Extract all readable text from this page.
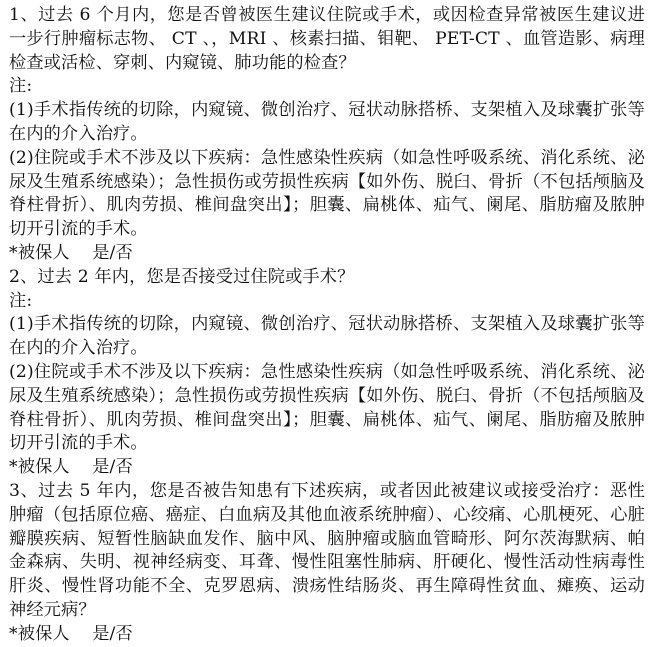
1、过去 6 个月内，您是否曾被医生建议住院或手术，或因检查异常被医生建议进一步行肿瘤标志物、 CT 、，MRI 、核素扫描、钼靶、 PET-CT 、血管造影、病理检查或活检、穿刺、内窥镜、肺功能的检查？

注:

(1)手术指传统的切除，内窥镜、微创治疗、冠状动脉搭桥、支架植入及球囊扩张等在内的介入治疗。

(2)住院或手术不涉及以下疾病：急性感染性疾病（如急性呼吸系统、消化系统、泌尿及生殖系统感染）；急性损伤或劳损性疾病【如外伤、脱臼、骨折（不包括颅脑及脊柱骨折）、肌肉劳损、椎间盘突出】；胆囊、扁桃体、疝气、阑尾、脂肪瘤及脓肿切开引流的手术。

*被保人    是/否

2、过去 2 年内，您是否接受过住院或手术？

注:

(1)手术指传统的切除，内窥镜、微创治疗、冠状动脉搭桥、支架植入及球囊扩张等在内的介入治疗。

(2)住院或手术不涉及以下疾病：急性感染性疾病（如急性呼吸系统、消化系统、泌尿及生殖系统感染）；急性损伤或劳损性疾病【如外伤、脱臼、骨折（不包括颅脑及脊柱骨折）、肌肉劳损、椎间盘突出】；胆囊、扁桃体、疝气、阑尾、脂肪瘤及脓肿切开引流的手术。

*被保人    是/否

3、过去 5 年内，您是否被告知患有下述疾病，或者因此被建议或接受治疗：恶性肿瘤（包括原位癌、癌症、白血病及其他血液系统肿瘤）、心绞痛、心肌梗死、心脏瓣膜疾病、短暂性脑缺血发作、脑中风、脑肿瘤或脑血管畸形、阿尔茨海默病、帕金森病、失明、视神经病变、耳聋、慢性阻塞性肺病、肝硬化、慢性活动性病毒性肝炎、慢性肾功能不全、克罗恩病、溃疡性结肠炎、再生障碍性贫血、瘫痪、运动神经元病？

*被保人    是/否
